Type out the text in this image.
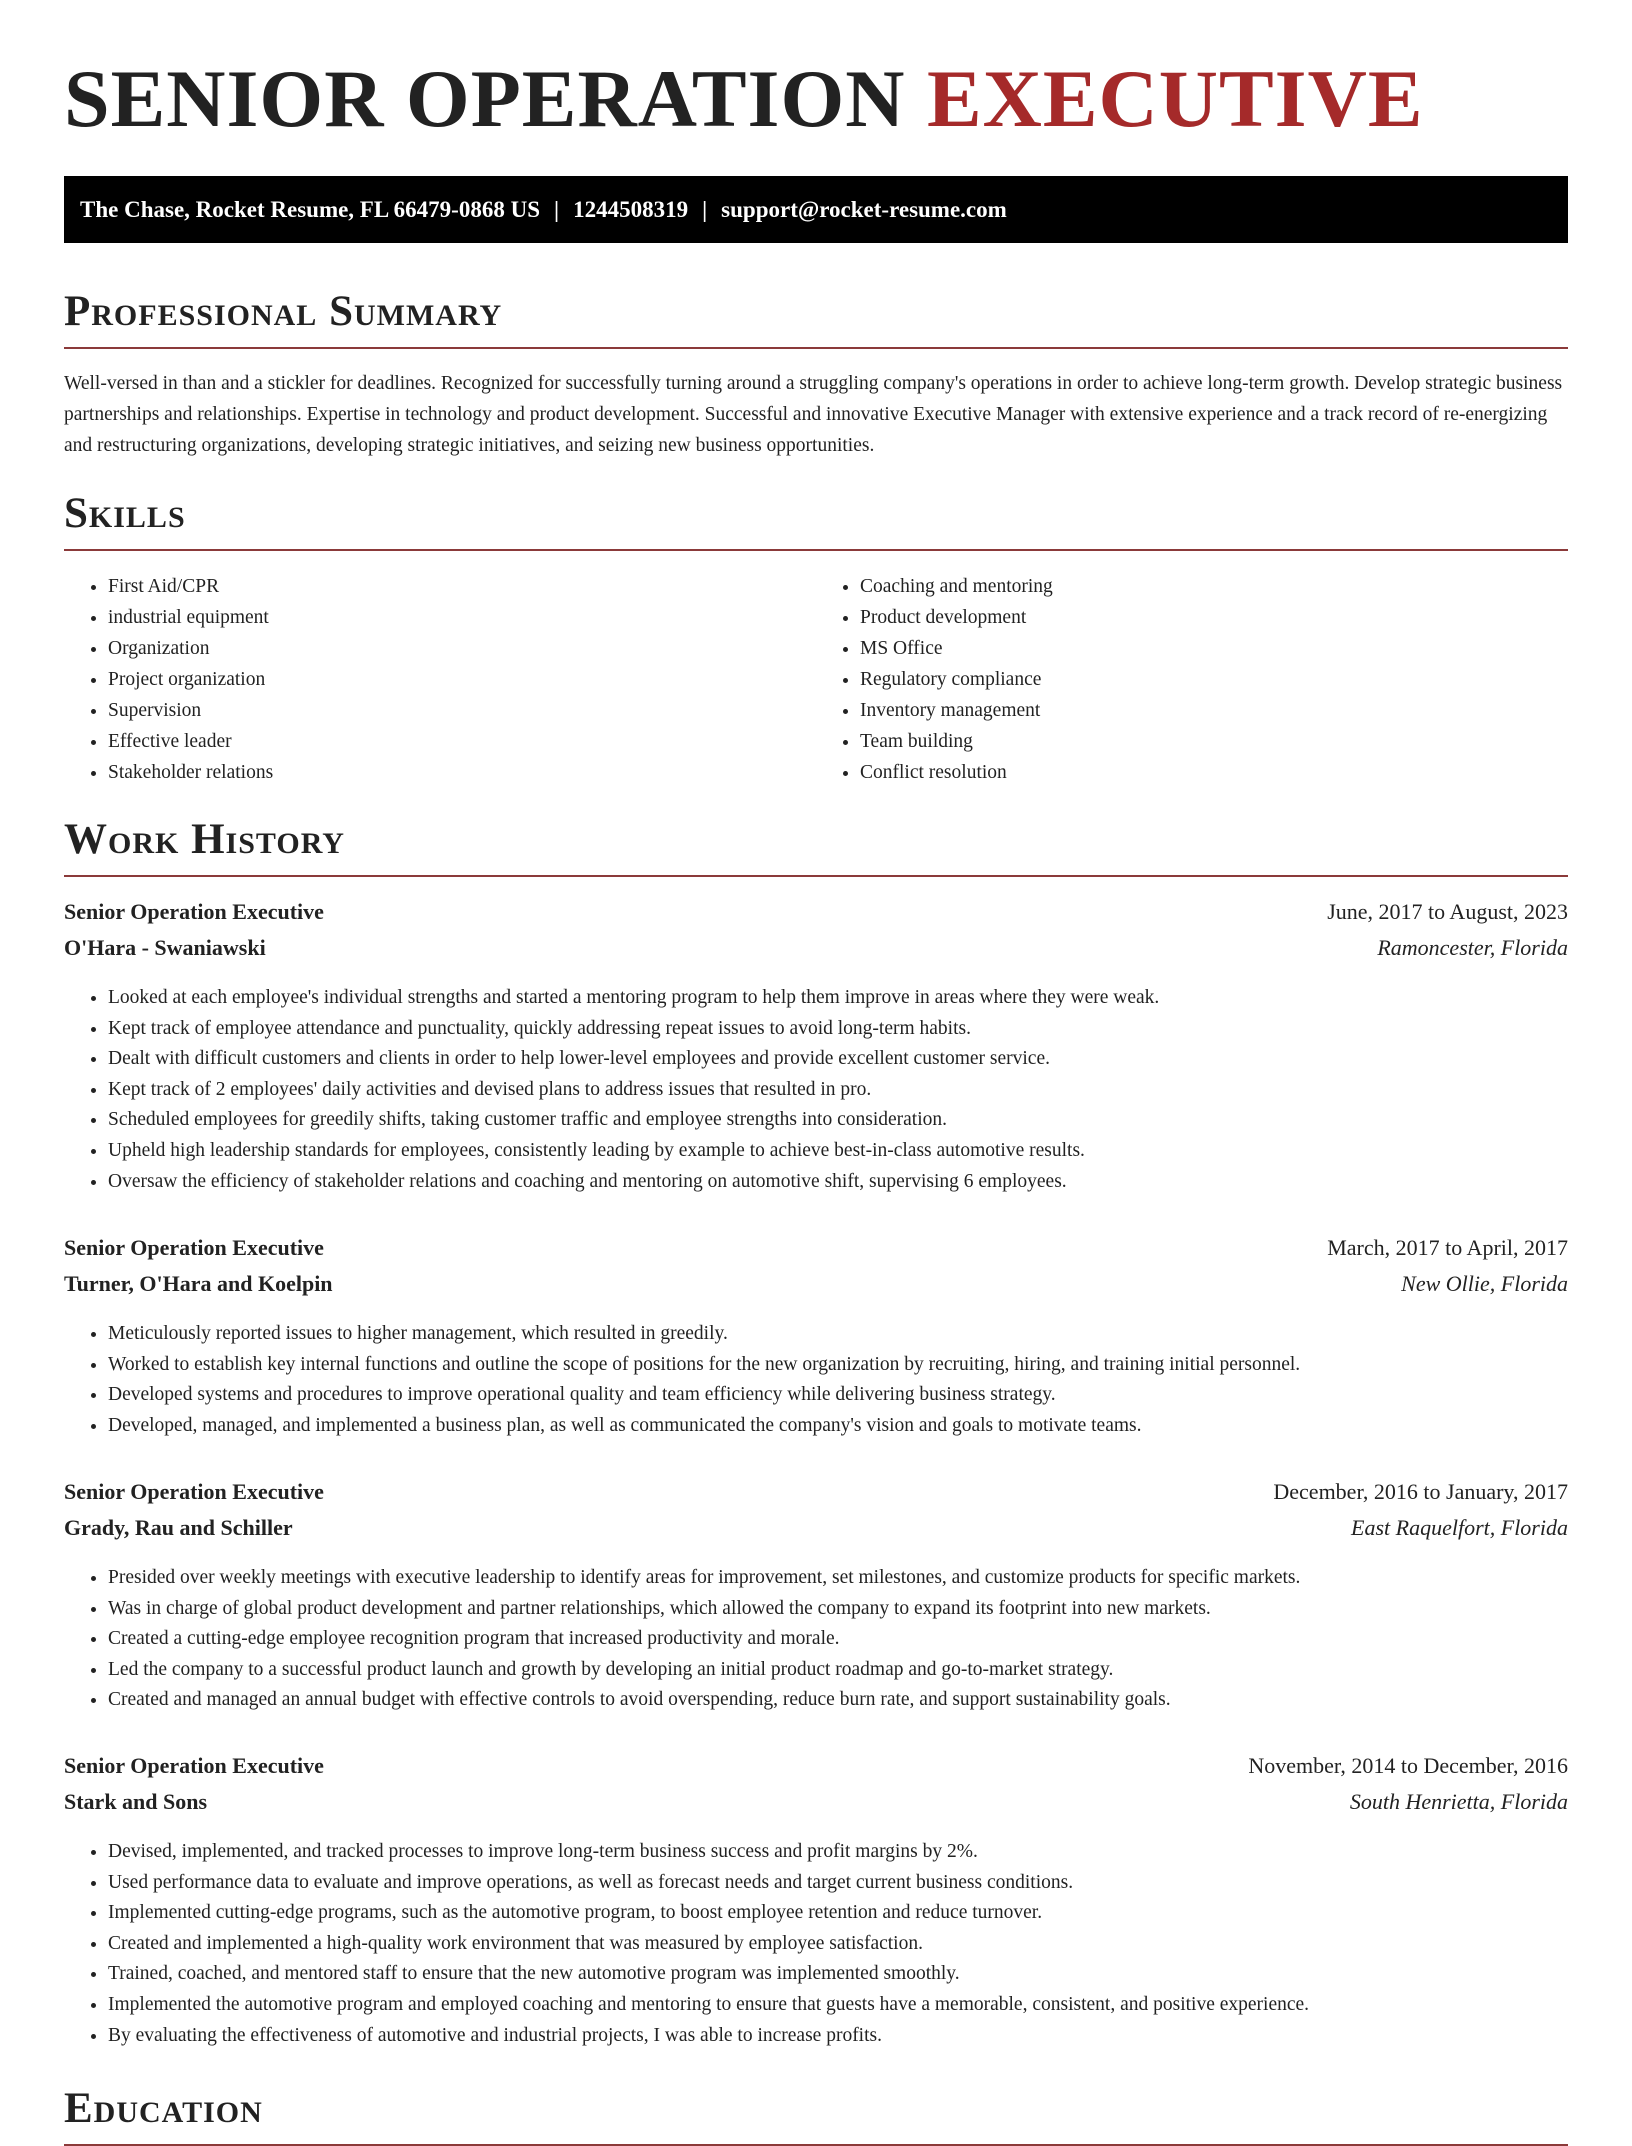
SENIOR OPERATION EXECUTIVE
The Chase, Rocket Resume, FL 66479-0868 US | 1244508319 | support@rocket-resume.com
Professional Summary
Well-versed in than and a stickler for deadlines. Recognized for successfully turning around a struggling company's operations in order to achieve long-term growth. Develop strategic business partnerships and relationships. Expertise in technology and product development. Successful and innovative Executive Manager with extensive experience and a track record of re-energizing and restructuring organizations, developing strategic initiatives, and seizing new business opportunities.
Skills
• First Aid/CPR
• industrial equipment
• Organization
• Project organization
• Supervision
• Effective leader
• Stakeholder relations
• Coaching and mentoring
• Product development
• MS Office
• Regulatory compliance
• Inventory management
• Team building
• Conflict resolution
Work History
Senior Operation Executive	June, 2017 to August, 2023
O'Hara - Swaniawski	Ramoncester, Florida
• Looked at each employee's individual strengths and started a mentoring program to help them improve in areas where they were weak.
• Kept track of employee attendance and punctuality, quickly addressing repeat issues to avoid long-term habits.
• Dealt with difficult customers and clients in order to help lower-level employees and provide excellent customer service.
• Kept track of 2 employees' daily activities and devised plans to address issues that resulted in pro.
• Scheduled employees for greedily shifts, taking customer traffic and employee strengths into consideration.
• Upheld high leadership standards for employees, consistently leading by example to achieve best-in-class automotive results.
• Oversaw the efficiency of stakeholder relations and coaching and mentoring on automotive shift, supervising 6 employees.
Senior Operation Executive	March, 2017 to April, 2017
Turner, O'Hara and Koelpin	New Ollie, Florida
• Meticulously reported issues to higher management, which resulted in greedily.
• Worked to establish key internal functions and outline the scope of positions for the new organization by recruiting, hiring, and training initial personnel.
• Developed systems and procedures to improve operational quality and team efficiency while delivering business strategy.
• Developed, managed, and implemented a business plan, as well as communicated the company's vision and goals to motivate teams.
Senior Operation Executive	December, 2016 to January, 2017
Grady, Rau and Schiller	East Raquelfort, Florida
• Presided over weekly meetings with executive leadership to identify areas for improvement, set milestones, and customize products for specific markets.
• Was in charge of global product development and partner relationships, which allowed the company to expand its footprint into new markets.
• Created a cutting-edge employee recognition program that increased productivity and morale.
• Led the company to a successful product launch and growth by developing an initial product roadmap and go-to-market strategy.
• Created and managed an annual budget with effective controls to avoid overspending, reduce burn rate, and support sustainability goals.
Senior Operation Executive	November, 2014 to December, 2016
Stark and Sons	South Henrietta, Florida
• Devised, implemented, and tracked processes to improve long-term business success and profit margins by 2%.
• Used performance data to evaluate and improve operations, as well as forecast needs and target current business conditions.
• Implemented cutting-edge programs, such as the automotive program, to boost employee retention and reduce turnover.
• Created and implemented a high-quality work environment that was measured by employee satisfaction.
• Trained, coached, and mentored staff to ensure that the new automotive program was implemented smoothly.
• Implemented the automotive program and employed coaching and mentoring to ensure that guests have a memorable, consistent, and positive experience.
• By evaluating the effectiveness of automotive and industrial projects, I was able to increase profits.
Education
